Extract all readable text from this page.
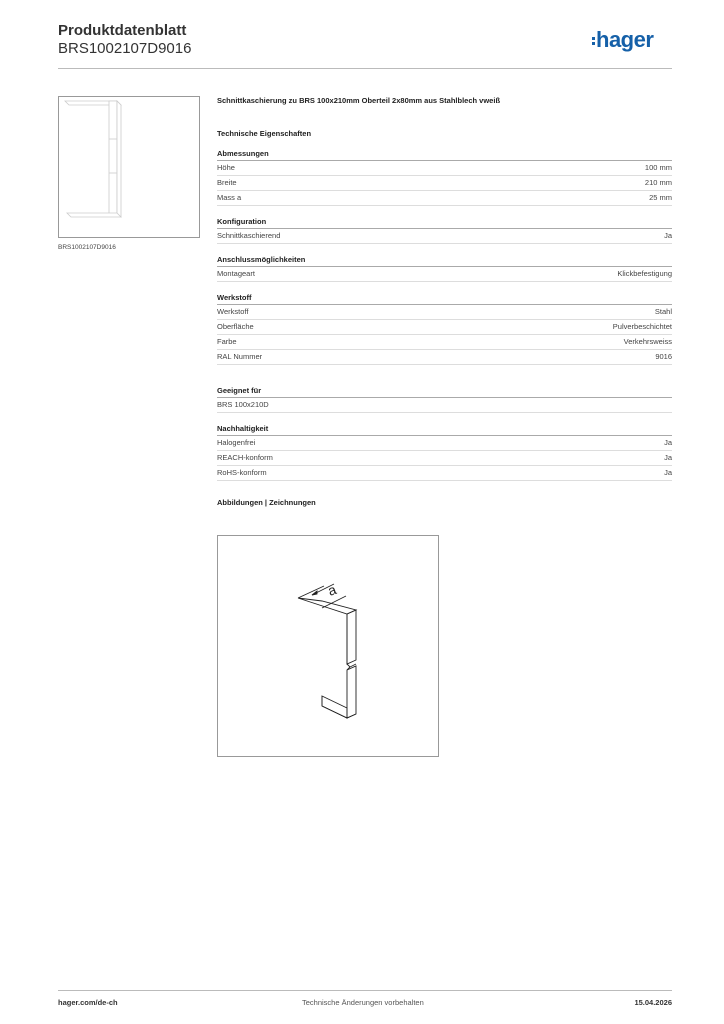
Produktdatenblatt
BRS1002107D9016	hager
BRS1002107D9016
Schnittkaschierung zu BRS 100x210mm Oberteil 2x80mm aus Stahlblech vweiß
Technische Eigenschaften
Abmessungen
Höhe	100 mm
Breite	210 mm
Mass a	25 mm
Konfiguration
Schnittkaschierend	Ja
Anschlussmöglichkeiten
Montageart	Klickbefestigung
Werkstoff
Werkstoff	Stahl
Oberfläche	Pulverbeschichtet
Farbe	Verkehrsweiss
RAL Nummer	9016
Geeignet für
BRS 100x210D
Nachhaltigkeit
Halogenfrei	Ja
REACH-konform	Ja
RoHS-konform	Ja
Abbildungen | Zeichnungen
a
hager.com/de-ch	Technische Änderungen vorbehalten	15.04.2026
